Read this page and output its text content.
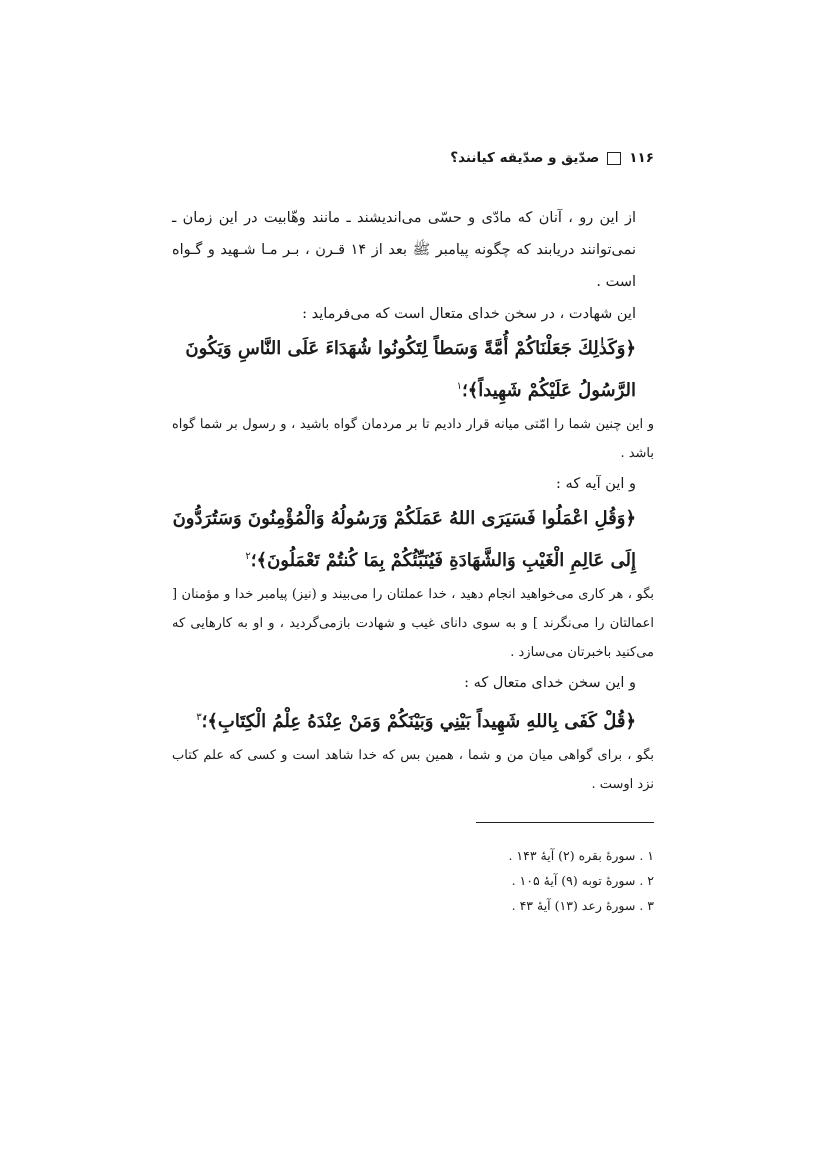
۱۱۶
صدّیق و صدّیقه کیانند؟

از این رو ، آنان که مادّی و حسّی می‌اندیشند ـ مانند وهّابیت در این زمان ـ نمی‌توانند دریابند که چگونه پیامبر ﷺ بعد از ۱۴ قـرن ، بـر مـا شـهید و گـواه است .

این شهادت ، در سخن خدای متعال است که می‌فرماید :

﴿وَكَذٰلِكَ جَعَلْنَاكُمْ أُمَّةً وَسَطاً لِتَكُونُوا شُهَدَاءَ عَلَى النَّاسِ وَيَكُونَ الرَّسُولُ عَلَيْكُمْ شَهِيداً﴾؛$^۱$

و این چنین شما را امّتی میانه قرار دادیم تا بر مردمان گواه باشید ، و رسول بر شما گواه باشد .

و این آیه که :

﴿وَقُلِ اعْمَلُوا فَسَيَرَى اللهُ عَمَلَكُمْ وَرَسُولُهُ وَالْمُؤْمِنُونَ وَسَتُرَدُّونَ إِلَى عَالِمِ الْغَيْبِ وَالشَّهَادَةِ فَيُنَبِّئُكُمْ بِمَا كُنتُمْ تَعْمَلُونَ﴾؛$^۲$

بگو ، هر کاری می‌خواهید انجام دهید ، خدا عملتان را می‌بیند و (نیز) پیامبر خدا و مؤمنان [ اعمالتان را می‌نگرند ] و به سوی دانای غیب و شهادت بازمی‌گردید ، و او به کارهایی که می‌کنید باخبرتان می‌سازد .

و این سخن خدای متعال که :

﴿قُلْ كَفَى بِاللهِ شَهِيداً بَيْنِي وَبَيْنَكُمْ وَمَنْ عِنْدَهُ عِلْمُ الْكِتَابِ﴾؛$^۳$

بگو ، برای گواهی میان من و شما ، همین بس که خدا شاهد است و کسی که علم کتاب نزد اوست .

۱ . سورهٔ بقره (۲) آیهٔ ۱۴۳ .
۲ . سورهٔ توبه (۹) آیهٔ ۱۰۵ .
۳ . سورهٔ رعد (۱۳) آیهٔ ۴۳ .
